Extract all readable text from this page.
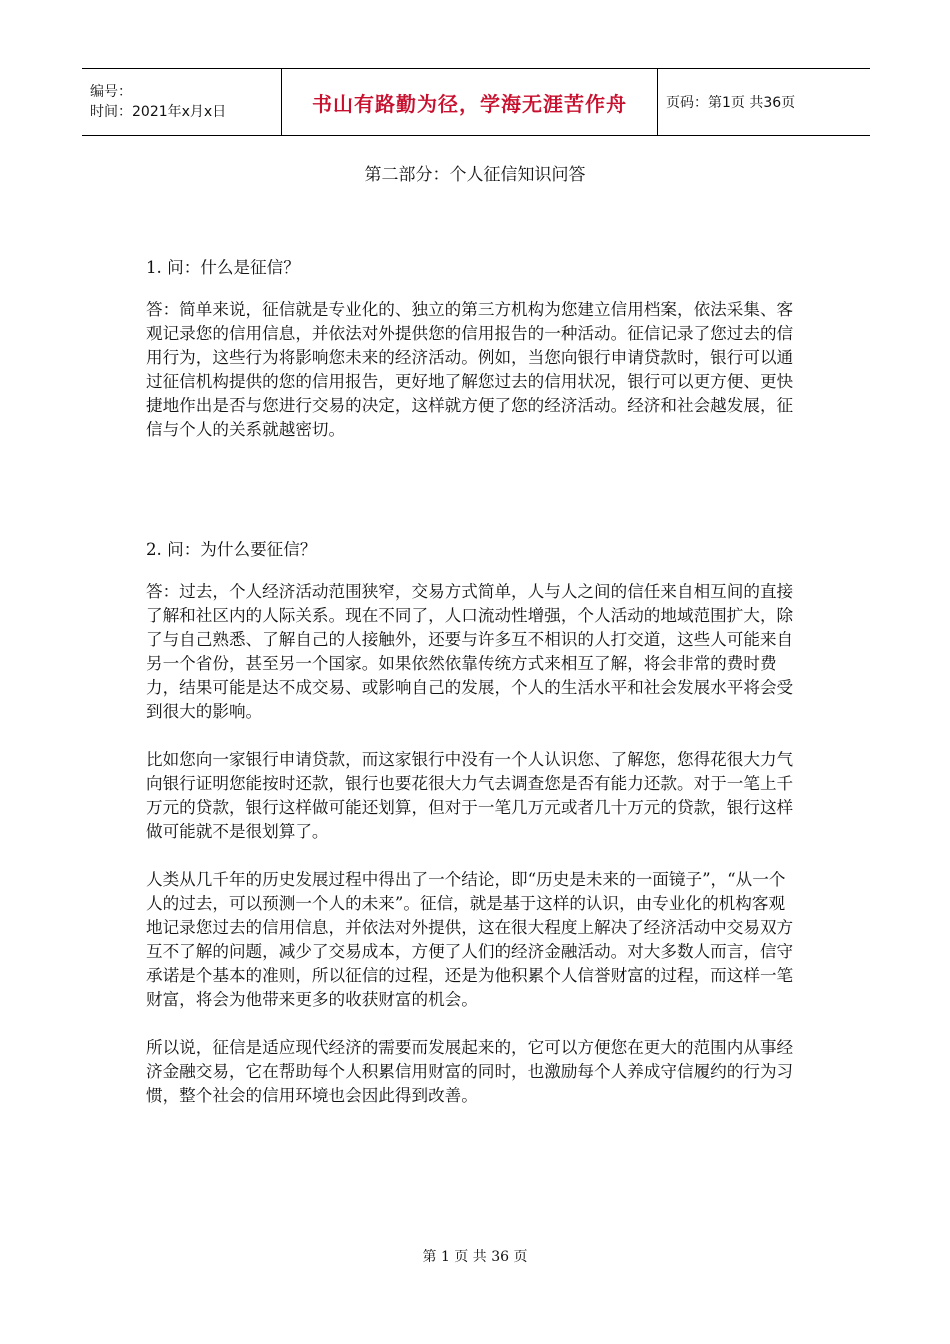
编号：
时间：2021年x月x日	书山有路勤为径，学海无涯苦作舟	页码：第1页 共36页
第二部分：个人征信知识问答

1. 问：什么是征信？

答：简单来说，征信就是专业化的、独立的第三方机构为您建立信用档案，依法采集、客观记录您的信用信息，并依法对外提供您的信用报告的一种活动。征信记录了您过去的信用行为，这些行为将影响您未来的经济活动。例如，当您向银行申请贷款时，银行可以通过征信机构提供的您的信用报告，更好地了解您过去的信用状况，银行可以更方便、更快捷地作出是否与您进行交易的决定，这样就方便了您的经济活动。经济和社会越发展，征信与个人的关系就越密切。

2. 问：为什么要征信？

答：过去，个人经济活动范围狭窄，交易方式简单，人与人之间的信任来自相互间的直接了解和社区内的人际关系。现在不同了，人口流动性增强，个人活动的地域范围扩大，除了与自己熟悉、了解自己的人接触外，还要与许多互不相识的人打交道，这些人可能来自另一个省份，甚至另一个国家。如果依然依靠传统方式来相互了解，将会非常的费时费力，结果可能是达不成交易、或影响自己的发展，个人的生活水平和社会发展水平将会受到很大的影响。

比如您向一家银行申请贷款，而这家银行中没有一个人认识您、了解您，您得花很大力气向银行证明您能按时还款，银行也要花很大力气去调查您是否有能力还款。对于一笔上千万元的贷款，银行这样做可能还划算，但对于一笔几万元或者几十万元的贷款，银行这样做可能就不是很划算了。

人类从几千年的历史发展过程中得出了一个结论，即“历史是未来的一面镜子”，“从一个人的过去，可以预测一个人的未来”。征信，就是基于这样的认识，由专业化的机构客观地记录您过去的信用信息，并依法对外提供，这在很大程度上解决了经济活动中交易双方互不了解的问题，减少了交易成本，方便了人们的经济金融活动。对大多数人而言，信守承诺是个基本的准则，所以征信的过程，还是为他积累个人信誉财富的过程，而这样一笔财富，将会为他带来更多的收获财富的机会。

所以说，征信是适应现代经济的需要而发展起来的，它可以方便您在更大的范围内从事经济金融交易，它在帮助每个人积累信用财富的同时，也激励每个人养成守信履约的行为习惯，整个社会的信用环境也会因此得到改善。

第 1 页 共 36 页
